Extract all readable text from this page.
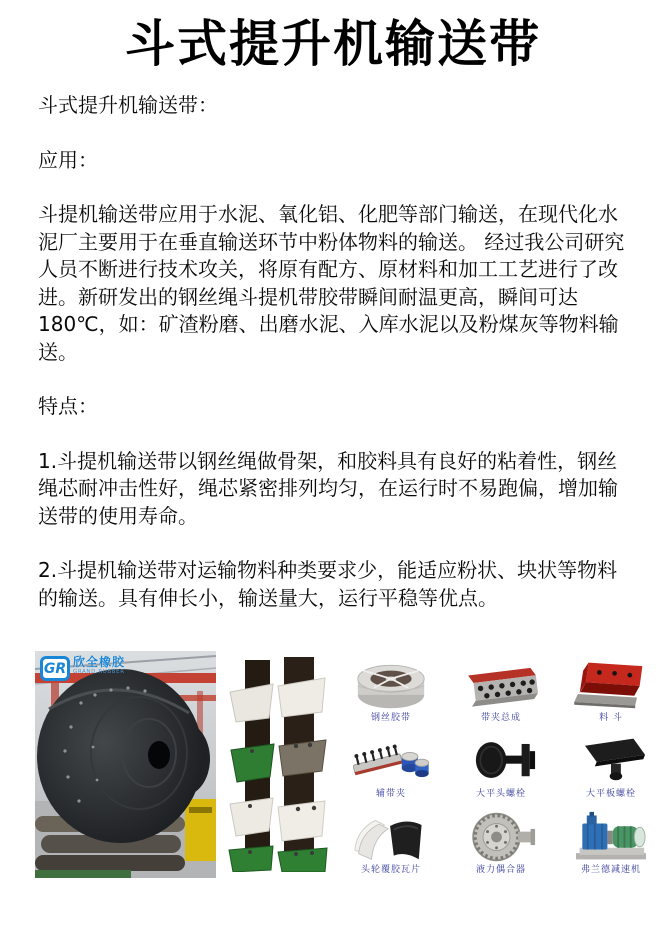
斗式提升机输送带

斗式提升机输送带：

应用：

斗提机输送带应用于水泥、氧化铝、化肥等部门输送，在现代化水泥厂主要用于在垂直输送环节中粉体物料的输送。 经过我公司研究人员不断进行技术攻关，将原有配方、原材料和加工工艺进行了改进。新研发出的钢丝绳斗提机带胶带瞬间耐温更高，瞬间可达180℃，如：矿渣粉磨、出磨水泥、入库水泥以及粉煤灰等物料输送。

特点：

1.斗提机输送带以钢丝绳做骨架，和胶料具有良好的粘着性，钢丝绳芯耐冲击性好，绳芯紧密排列均匀，在运行时不易跑偏，增加输送带的使用寿命。

2.斗提机输送带对运输物料种类要求少，能适应粉状、块状等物料的输送。具有伸长小，输送量大，运行平稳等优点。

GR 欣全橡胶
GRAND RUBBER
钢丝胶带	带夹总成	料 斗
辅带夹	大平头螺栓	大平板螺栓
头轮覆胶瓦片	液力偶合器	弗兰德减速机
